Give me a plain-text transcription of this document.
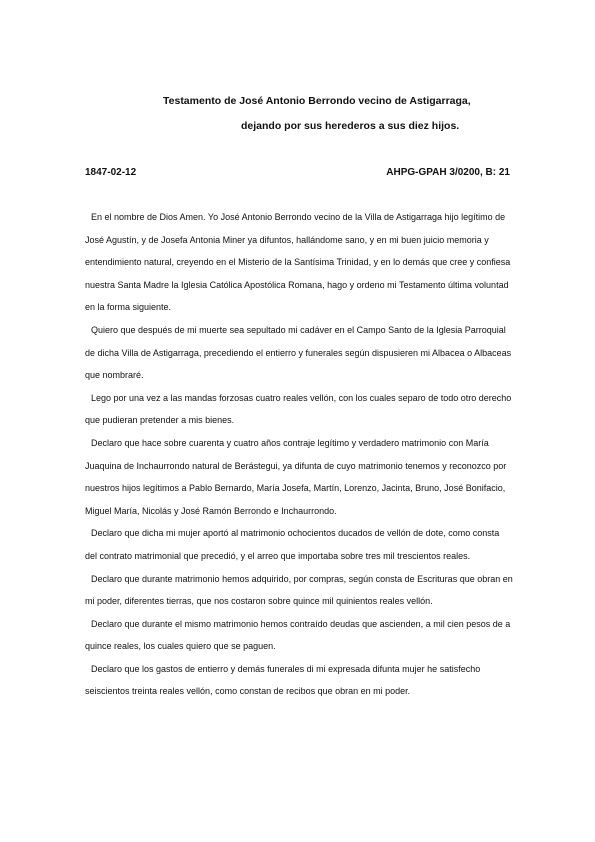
Testamento de José Antonio Berrondo vecino de Astigarraga,
dejando por sus herederos a sus diez hijos.
1847-02-12	AHPG-GPAH 3/0200, B: 21

En el nombre de Dios Amen. Yo José Antonio Berrondo vecino de la Villa de Astigarraga hijo legítimo de José Agustín, y de Josefa Antonia Miner ya difuntos, hallándome sano, y en mi buen juicio memoria y entendimiento natural, creyendo en el Misterio de la Santísima Trinidad, y en lo demás que cree y confiesa nuestra Santa Madre la Iglesia Católica Apostólica Romana, hago y ordeno mi Testamento última voluntad en la forma siguiente.

Quiero que después de mi muerte sea sepultado mi cadáver en el Campo Santo de la Iglesia Parroquial de dicha Villa de Astigarraga, precediendo el entierro y funerales según dispusieren mi Albacea o Albaceas que nombraré.

Lego por una vez a las mandas forzosas cuatro reales vellón, con los cuales separo de todo otro derecho que pudieran pretender a mis bienes.

Declaro que hace sobre cuarenta y cuatro años contraje legítimo y verdadero matrimonio con María Juaquina de Inchaurrondo natural de Berástegui, ya difunta de cuyo matrimonio tenemos y reconozco por nuestros hijos legítimos a Pablo Bernardo, María Josefa, Martín, Lorenzo, Jacinta, Bruno, José Bonifacio, Miguel María, Nicolás y José Ramón Berrondo e Inchaurrondo.

Declaro que dicha mi mujer aportó al matrimonio ochocientos ducados de vellón de dote, como consta del contrato matrimonial que precedió, y el arreo que importaba sobre tres mil trescientos reales.

Declaro que durante matrimonio hemos adquirido, por compras, según consta de Escrituras que obran en mi poder, diferentes tierras, que nos costaron sobre quince mil quinientos reales vellón.

Declaro que durante el mismo matrimonio hemos contraído deudas que ascienden, a mil cien pesos de a quince reales, los cuales quiero que se paguen.

Declaro que los gastos de entierro y demás funerales di mi expresada difunta mujer he satisfecho seiscientos treinta reales vellón, como constan de recibos que obran en mi poder.
